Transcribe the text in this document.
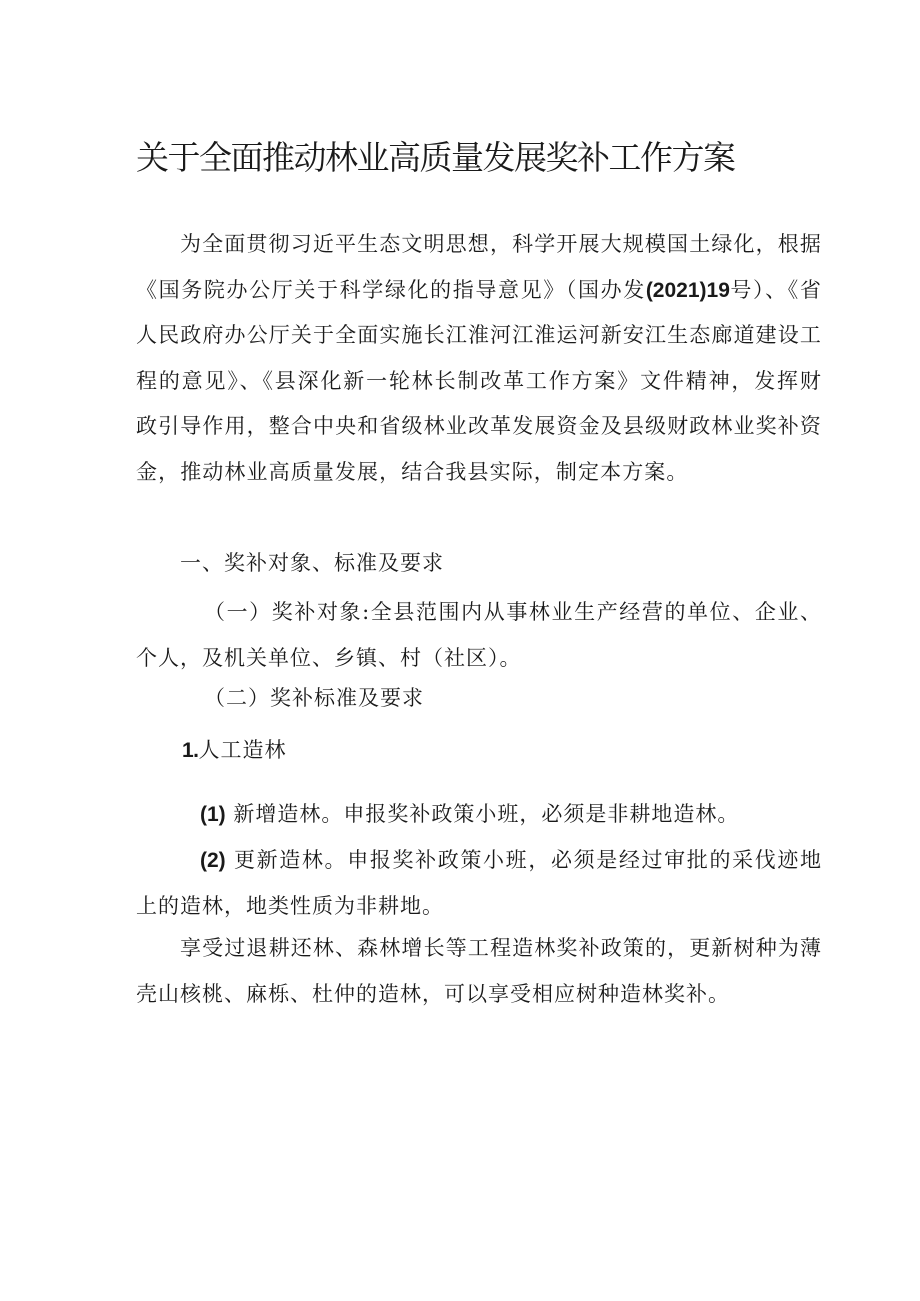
关于全面推动林业高质量发展奖补工作方案

为全面贯彻习近平生态文明思想，科学开展大规模国土绿化，根据《国务院办公厅关于科学绿化的指导意见》（国办发(2021)19号）、《省人民政府办公厅关于全面实施长江淮河江淮运河新安江生态廊道建设工程的意见》、《县深化新一轮林长制改革工作方案》文件精神，发挥财政引导作用，整合中央和省级林业改革发展资金及县级财政林业奖补资金，推动林业高质量发展，结合我县实际，制定本方案。

一、奖补对象、标准及要求

（一）奖补对象:全县范围内从事林业生产经营的单位、企业、个人，及机关单位、乡镇、村（社区）。

（二）奖补标准及要求

1.人工造林

(1) 新增造林。申报奖补政策小班，必须是非耕地造林。

(2) 更新造林。申报奖补政策小班，必须是经过审批的采伐迹地上的造林，地类性质为非耕地。

享受过退耕还林、森林增长等工程造林奖补政策的，更新树种为薄壳山核桃、麻栎、杜仲的造林，可以享受相应树种造林奖补。
